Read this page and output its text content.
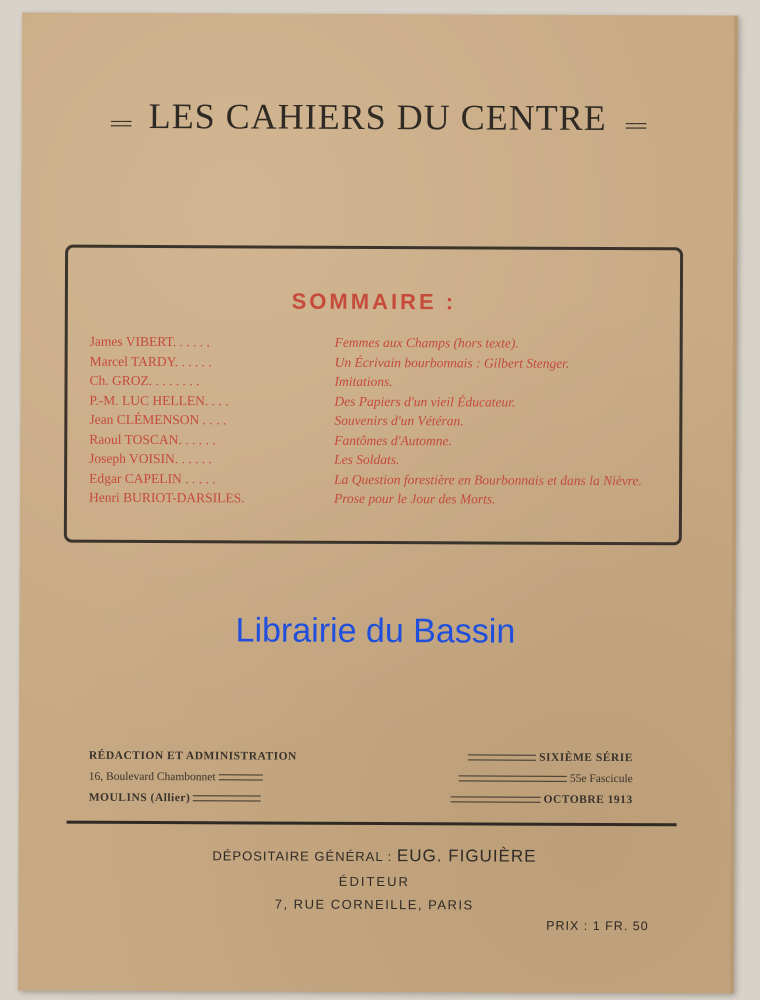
== LES CAHIERS DU CENTRE ==
SOMMAIRE :
James VIBERT. . . . . .	Femmes aux Champs (hors texte).
Marcel TARDY. . . . . .	Un Écrivain bourbonnais : Gilbert Stenger.
Ch. GROZ. . . . . . . .	Imitations.
P.-M. LUC HELLEN. . . .	Des Papiers d'un vieil Éducateur.
Jean CLÉMENSON . . . .	Souvenirs d'un Vétéran.
Raoul TOSCAN. . . . . .	Fantômes d'Automne.
Joseph VOISIN. . . . . .	Les Soldats.
Edgar CAPELIN . . . . .	La Question forestière en Bourbonnais et dans la Nièvre.
Henri BURIOT-DARSILES.	Prose pour le Jour des Morts.
Librairie du Bassin
RÉDACTION ET ADMINISTRATION
16, Boulevard Chambonnet
MOULINS (Allier)
SIXIÈME SÉRIE
55e Fascicule
OCTOBRE 1913
DÉPOSITAIRE GÉNÉRAL : EUG. FIGUIÈRE
ÉDITEUR
7, RUE CORNEILLE, PARIS
PRIX : 1 FR. 50
